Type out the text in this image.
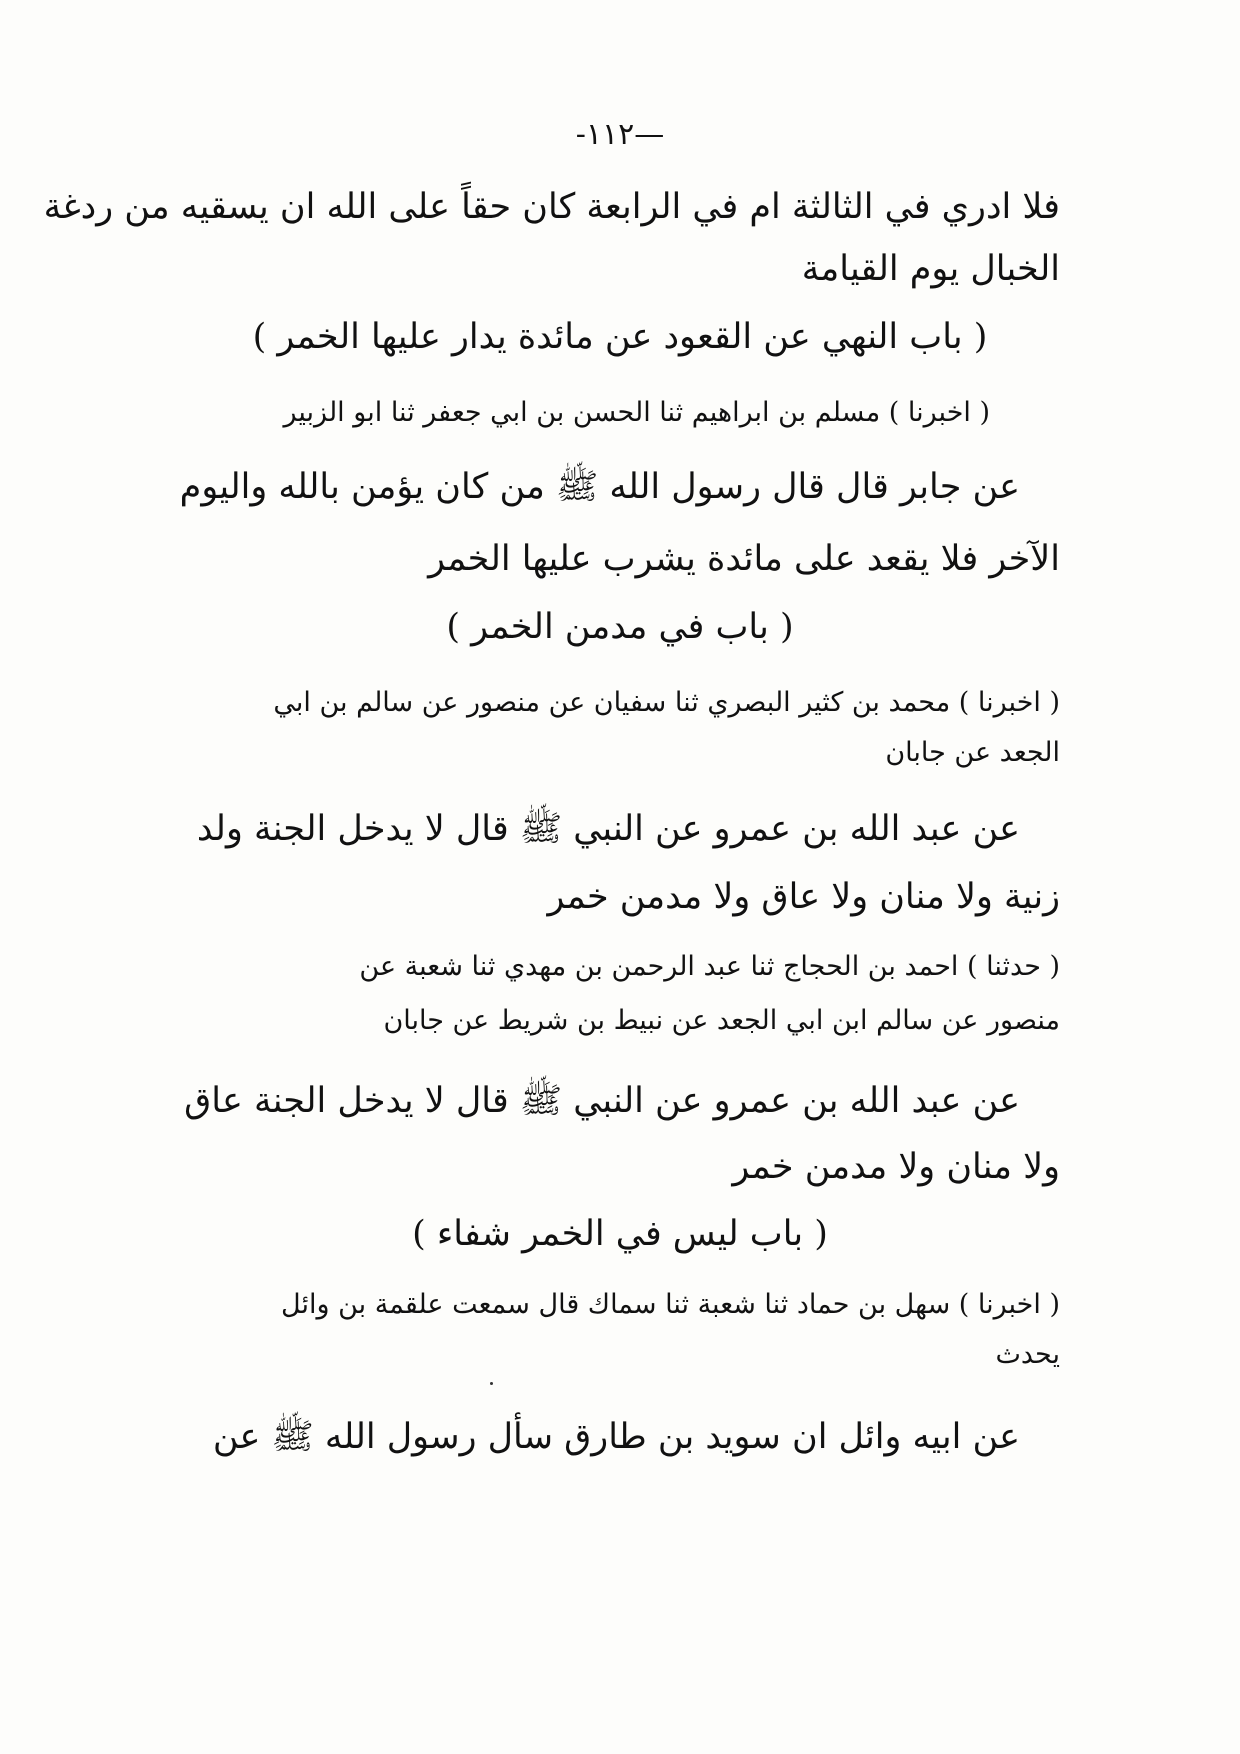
-١١٢—
فلا ادري في الثالثة ام في الرابعة كان حقاً على الله ان يسقيه من ردغة
الخبال يوم القيامة
( باب النهي عن القعود عن مائدة يدار عليها الخمر )
( اخبرنا ) مسلم بن ابراهيم ثنا الحسن بن ابي جعفر ثنا ابو الزبير
عن جابر قال قال رسول الله ﷺ من كان يؤمن بالله واليوم
الآخر فلا يقعد على مائدة يشرب عليها الخمر
( باب في مدمن الخمر )
( اخبرنا ) محمد بن كثير البصري ثنا سفيان عن منصور عن سالم بن ابي
الجعد عن جابان
عن عبد الله بن عمرو عن النبي ﷺ قال لا يدخل الجنة ولد
زنية ولا منان ولا عاق ولا مدمن خمر
( حدثنا ) احمد بن الحجاج ثنا عبد الرحمن بن مهدي ثنا شعبة عن
منصور عن سالم ابن ابي الجعد عن نبيط بن شريط عن جابان
عن عبد الله بن عمرو عن النبي ﷺ قال لا يدخل الجنة عاق
ولا منان ولا مدمن خمر
( باب ليس في الخمر شفاء )
( اخبرنا ) سهل بن حماد ثنا شعبة ثنا سماك قال سمعت علقمة بن وائل
يحدث
عن ابيه وائل ان سويد بن طارق سأل رسول الله ﷺ عن
